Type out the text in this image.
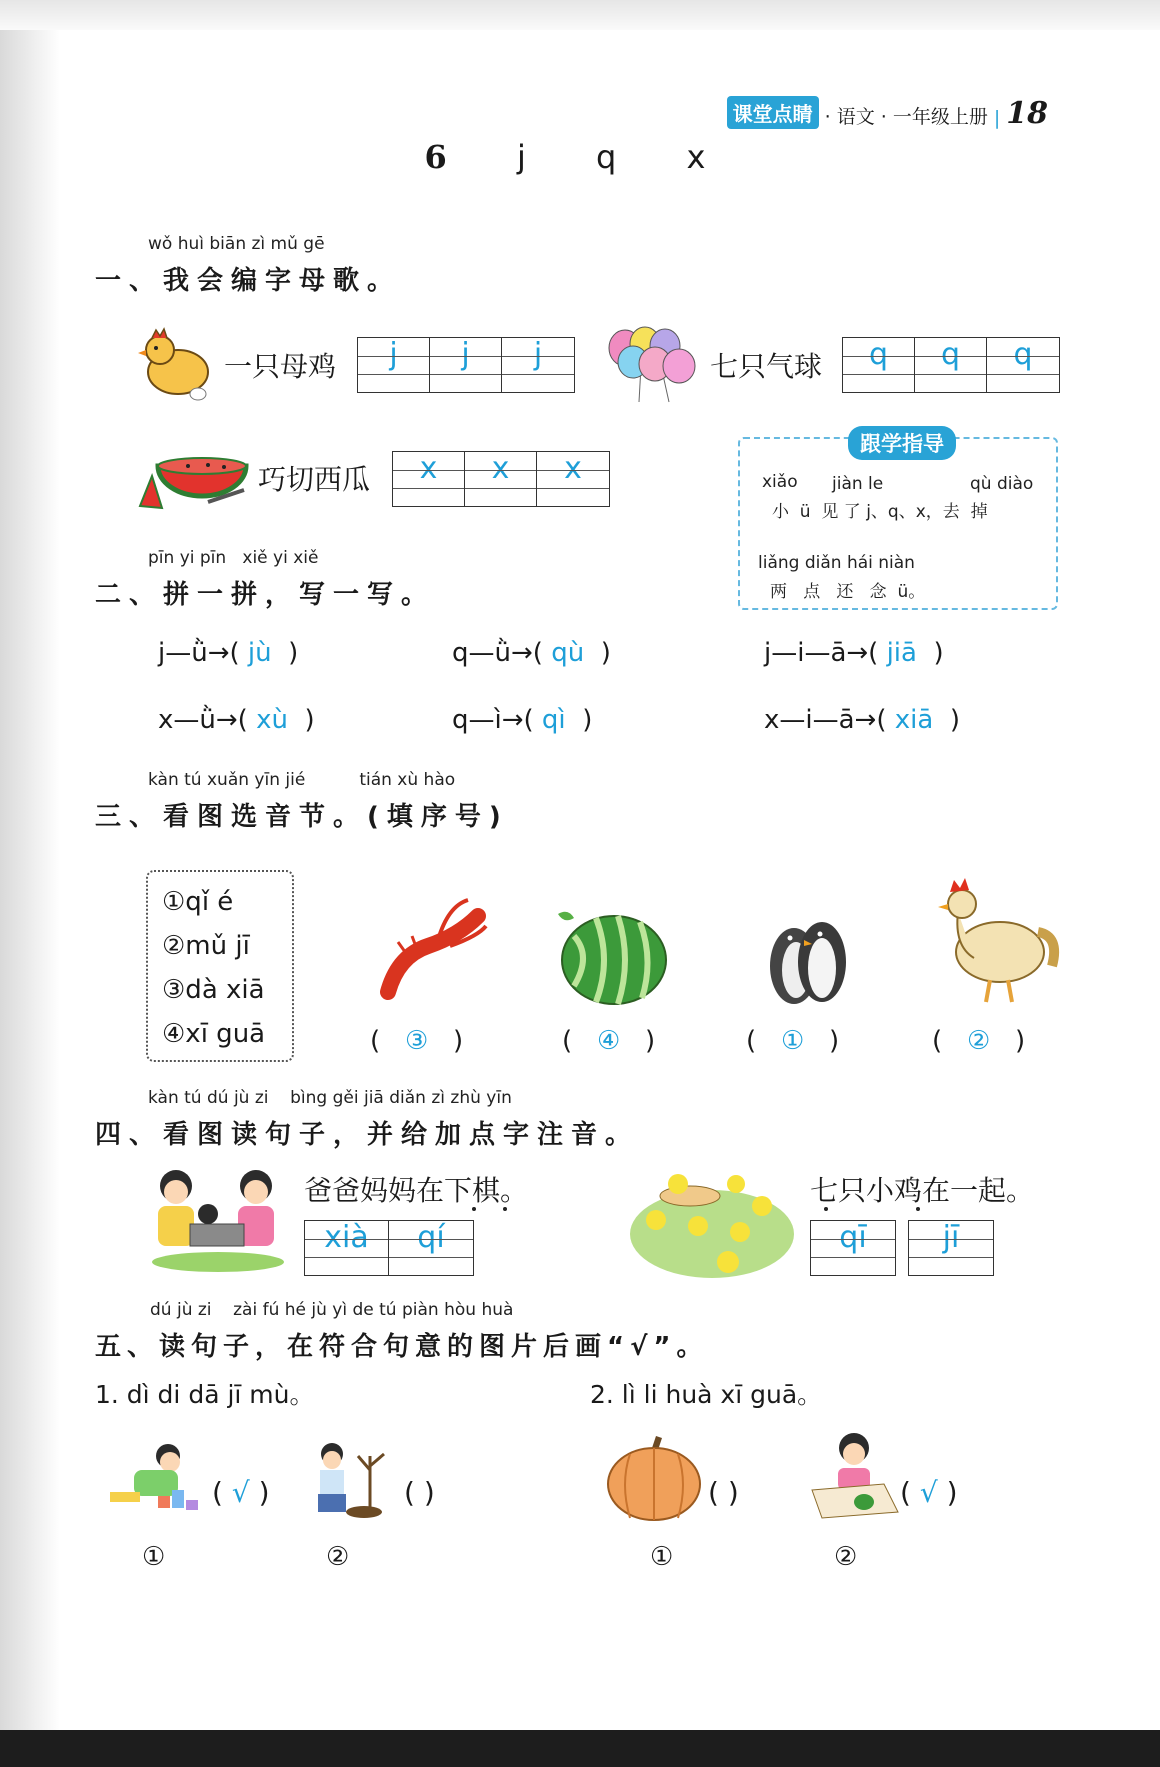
课堂点睛 · 语文 · 一年级上册 | 18
6 j q x
wǒ huì biān zì mǔ gē
一、我会编字母歌。
一只母鸡	j	j	j	七只气球	q	q	q
巧切西瓜	x	x	x
跟学指导
xiǎo jiàn le	qù diào
小  ü  见 了 j、q、x，去  掉
liǎng diǎn hái niàn
两   点   还   念  ü。
pīn yi pīn   xiě yi xiě
二、拼一拼，写一写。
j—ǜ→( jù )	q—ǜ→( qù )	j—i—ā→( jiā )
x—ǜ→( xù )	q—ì→( qì )	x—i—ā→( xiā )
kàn tú xuǎn yīn jié          tián xù hào
三、看图选音节。(填序号)
①qǐ é
②mǔ jī
③dà xiā
④xī guā	(   ③   )	(   ④   )	(   ①   )	(   ②   )
kàn tú dú jù zi    bìng gěi jiā diǎn zì zhù yīn
四、看图读句子，并给加点字注音。
爸爸妈妈在下棋。
xià	qí
七只小鸡在一起。
qī	jī
dú jù zi    zài fú hé jù yì de tú piàn hòu huà
五、读句子，在符合句意的图片后画“√”。
1. dì di dā jī mù。	2. lì li huà xī guā。
( √ )	( )	( )	( √ )
①	②	①	②
